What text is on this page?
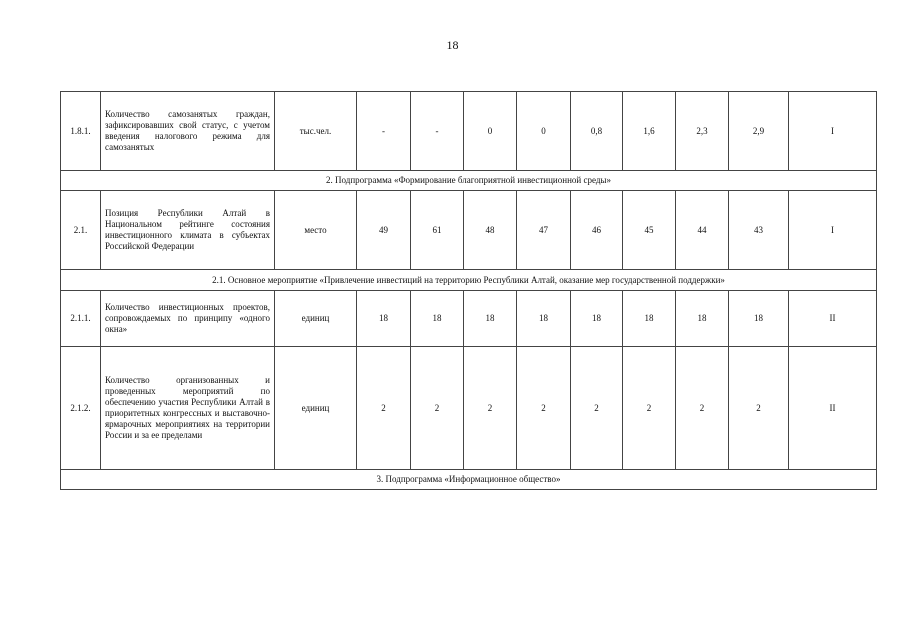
18
1.8.1.	Количество самозанятых граждан, зафиксировавших свой статус, с учетом введения налогового режима для самозанятых	тыс.чел.	-	-	0	0	0,8	1,6	2,3	2,9	I
2. Подпрограмма «Формирование благоприятной инвестиционной среды»											
2.1.	Позиция Республики Алтай в Национальном рейтинге состояния инвестиционного климата в субъектах Российской Федерации	место	49	61	48	47	46	45	44	43	I
2.1. Основное мероприятие «Привлечение инвестиций на территорию Республики Алтай, оказание мер государственной поддержки»											
2.1.1.	Количество инвестиционных проектов, сопровождаемых по принципу «одного окна»	единиц	18	18	18	18	18	18	18	18	II
2.1.2.	Количество организованных и проведенных мероприятий по обеспечению участия Республики Алтай в приоритетных конгрессных и выставочно-ярмарочных мероприятиях на территории России и за ее пределами	единиц	2	2	2	2	2	2	2	2	II
3. Подпрограмма «Информационное общество»											
